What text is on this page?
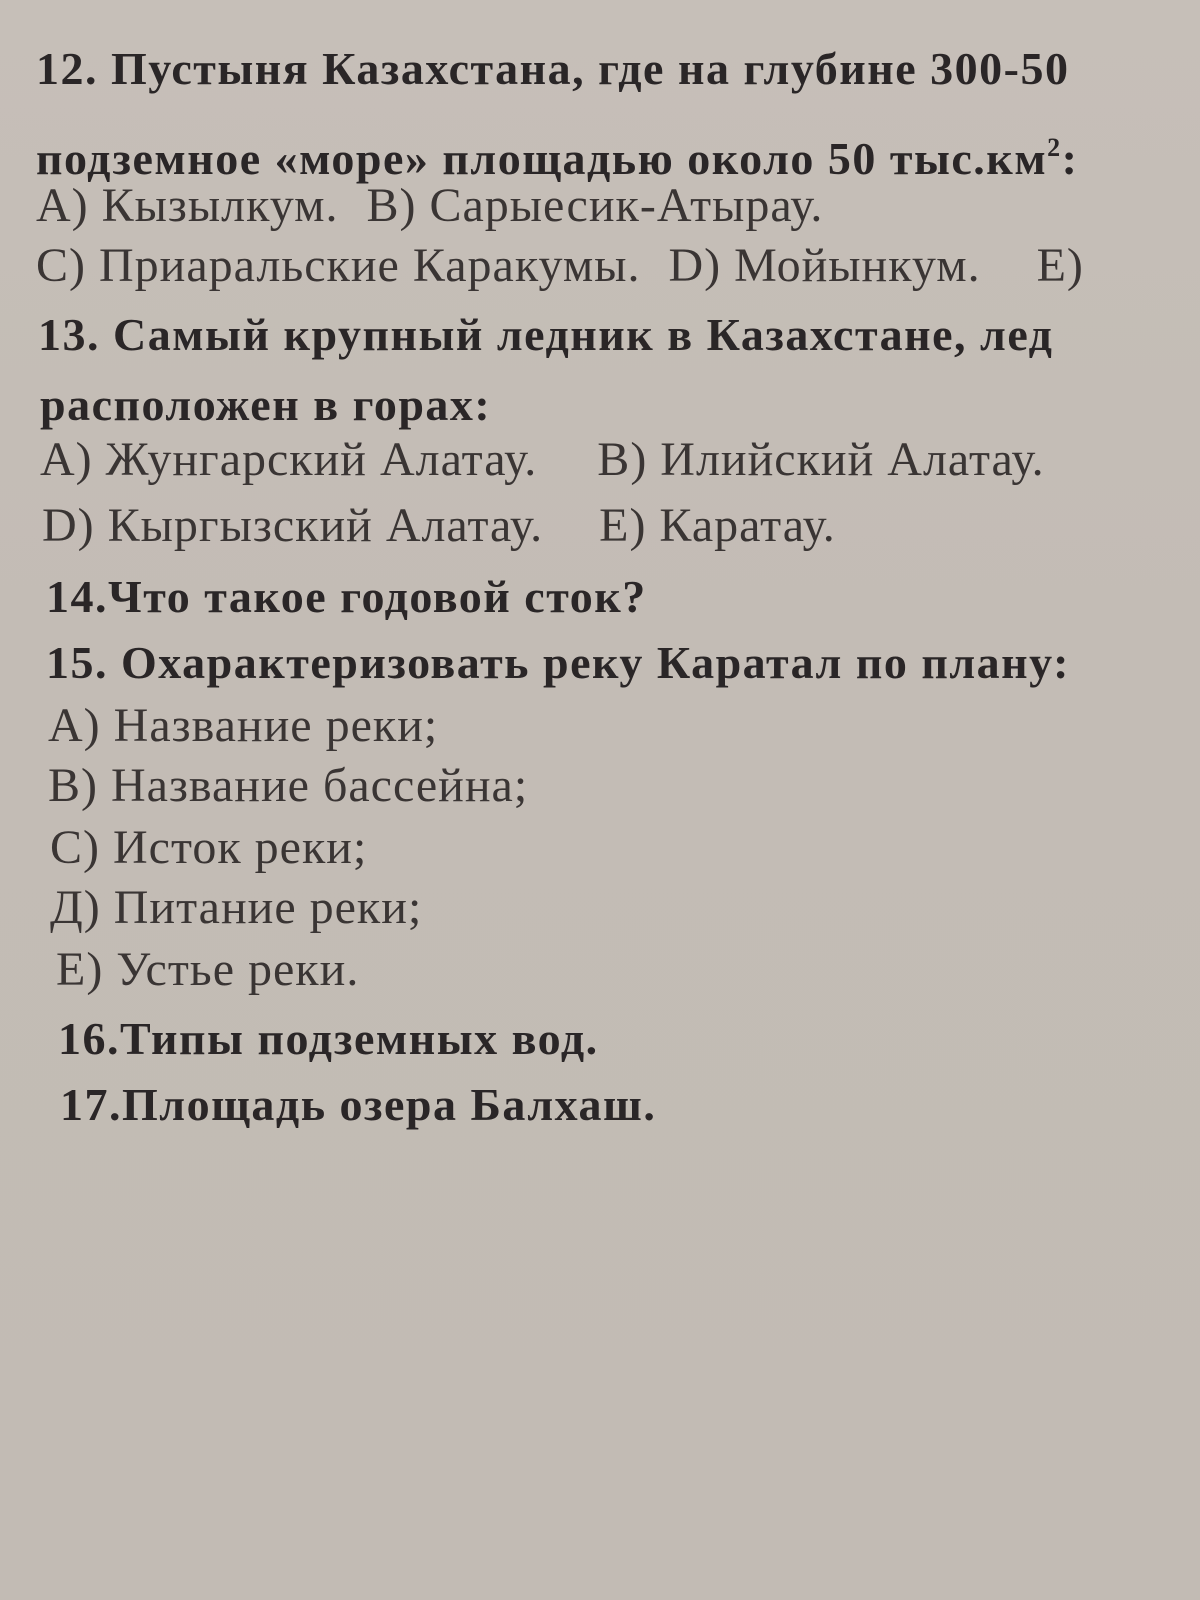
12. Пустыня Казахстана, где на глубине 300-50
подземное «море» площадью около 50 $тыс.км^2$:
A) Кызылкум. B) Сарыесик-Атырау.
C) Приаральские Каракумы. D) Мойынкум. E)
13. Самый крупный ледник в Казахстане, лед
расположен в горах:
A) Жунгарский Алатау. B) Илийский Алатау.
D) Кыргызский Алатау. E) Каратау.
14.Что такое годовой сток?
15. Охарактеризовать реку Каратал по плану:
A) Название реки;
B) Название бассейна;
C) Исток реки;
Д) Питание реки;
E) Устье реки.
16.Типы подземных вод.
17.Площадь озера Балхаш.
